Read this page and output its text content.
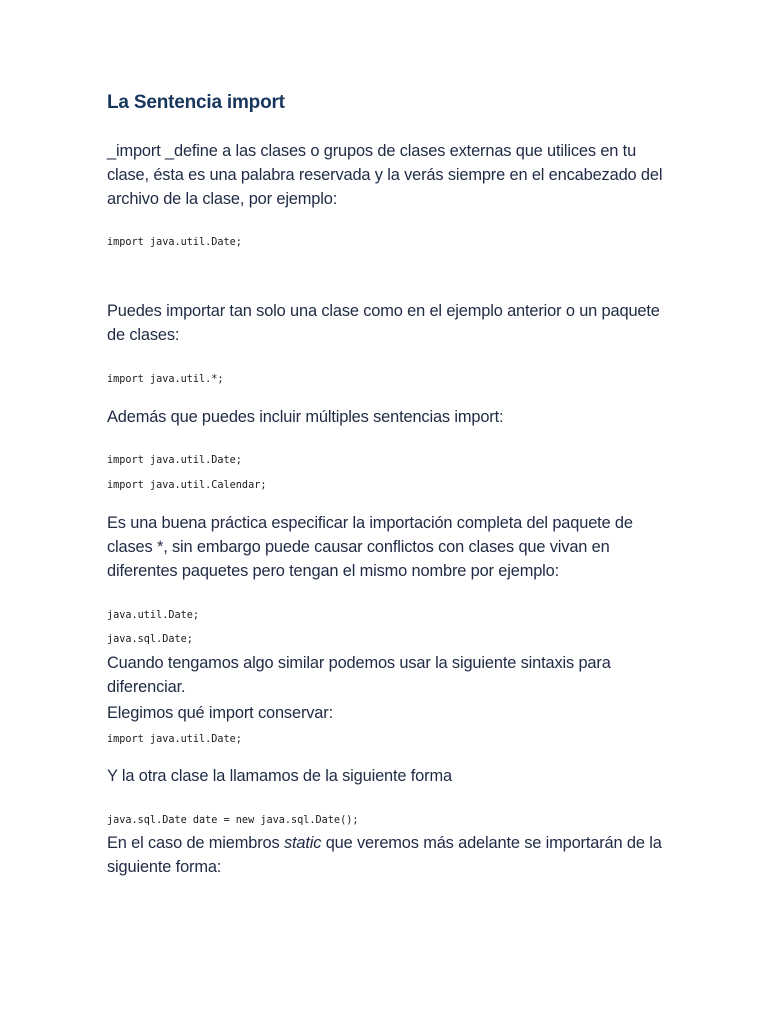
La Sentencia import

_import _define a las clases o grupos de clases externas que utilices en tu clase, ésta es una palabra reservada y la verás siempre en el encabezado del archivo de la clase, por ejemplo:

import java.util.Date;

Puedes importar tan solo una clase como en el ejemplo anterior o un paquete de clases:

import java.util.*;

Además que puedes incluir múltiples sentencias import:

import java.util.Date;
import java.util.Calendar;

Es una buena práctica especificar la importación completa del paquete de clases *, sin embargo puede causar conflictos con clases que vivan en diferentes paquetes pero tengan el mismo nombre por ejemplo:

java.util.Date;
java.sql.Date;

Cuando tengamos algo similar podemos usar la siguiente sintaxis para diferenciar.

Elegimos qué import conservar:

import java.util.Date;

Y la otra clase la llamamos de la siguiente forma

java.sql.Date date = new java.sql.Date();

En el caso de miembros static que veremos más adelante se importarán de la siguiente forma:
